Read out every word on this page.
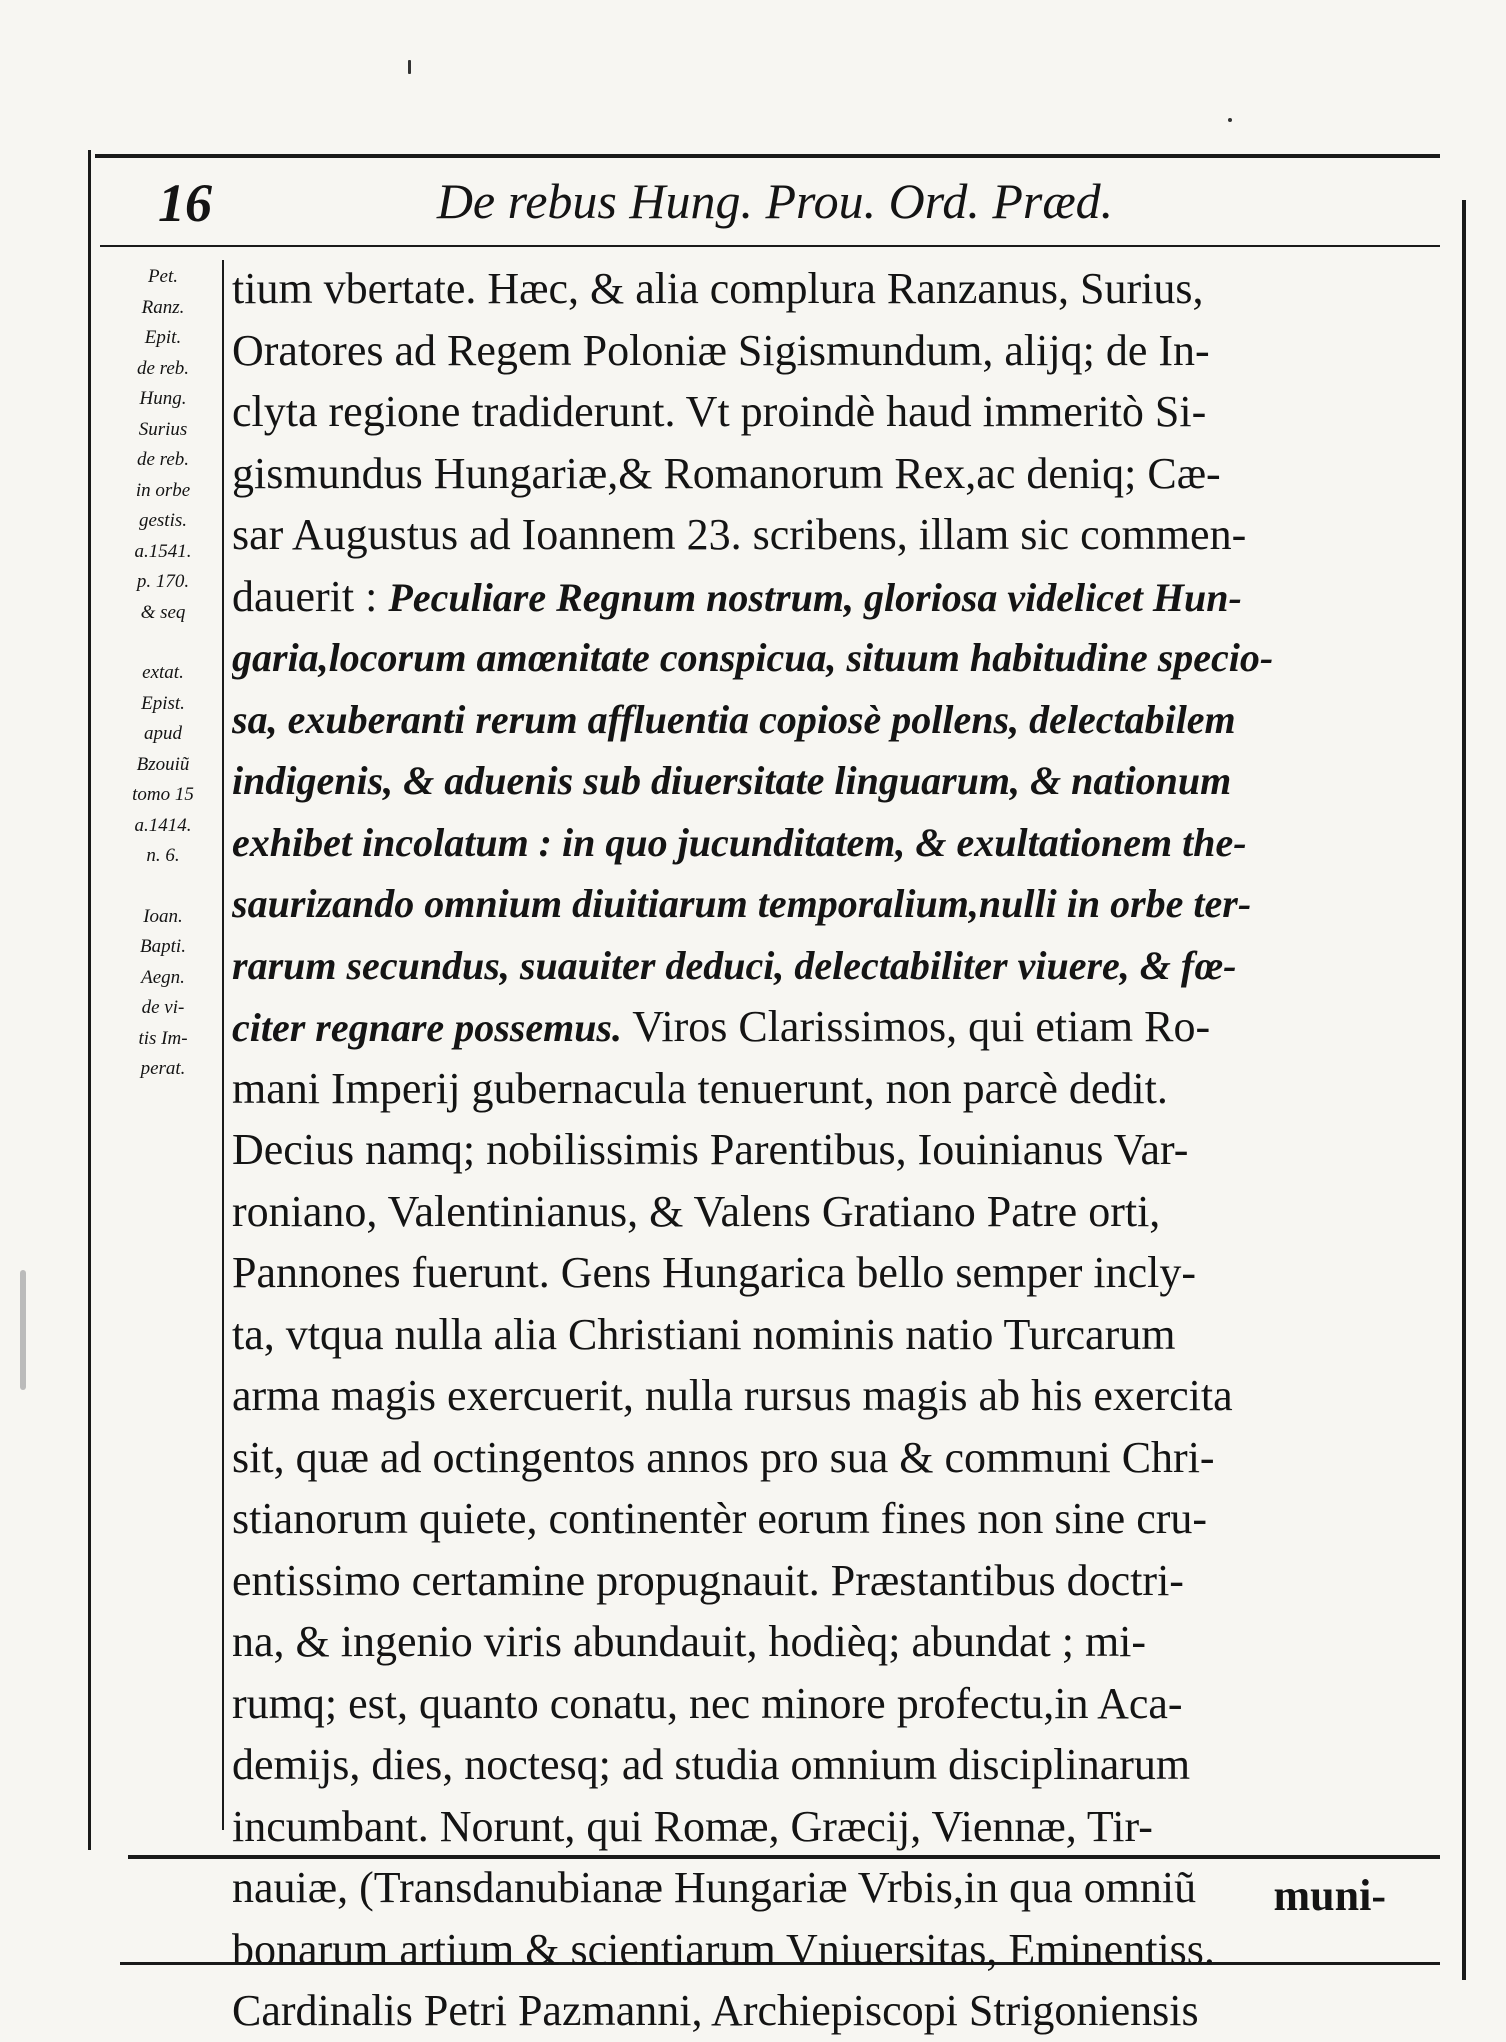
16	De rebus Hung. Prou. Ord. Præd.
Pet.
Ranz.
Epit.
de reb.
Hung.
Surius
de reb.
in orbe
gestis.
a.1541.
p. 170.
& seq
extat.
Epist.
apud
Bzouiũ
tomo 15
a.1414.
n. 6.
Ioan.
Bapti.
Aegn.
de vi-
tis Im-
perat.
tium vbertate. Hæc, & alia complura Ranzanus, Surius,
Oratores ad Regem Poloniæ Sigismundum, alijq; de In-
clyta regione tradiderunt. Vt proindè haud immeritò Si-
gismundus Hungariæ,& Romanorum Rex,ac deniq; Cæ-
sar Augustus ad Ioannem 23. scribens, illam sic commen-
dauerit : Peculiare Regnum nostrum, gloriosa videlicet Hun-
garia,locorum amœnitate conspicua, situum habitudine specio-
sa, exuberanti rerum affluentia copiosè pollens, delectabilem
indigenis, & aduenis sub diuersitate linguarum, & nationum
exhibet incolatum : in quo jucunditatem, & exultationem the-
saurizando omnium diuitiarum temporalium,nulli in orbe ter-
rarum secundus, suauiter deduci, delectabiliter viuere, & fœ-
citer regnare possemus. Viros Clarissimos, qui etiam Ro-
mani Imperij gubernacula tenuerunt, non parcè dedit.
Decius namq; nobilissimis Parentibus, Iouinianus Var-
roniano, Valentinianus, & Valens Gratiano Patre orti,
Pannones fuerunt. Gens Hungarica bello semper incly-
ta, vtqua nulla alia Christiani nominis natio Turcarum
arma magis exercuerit, nulla rursus magis ab his exercita
sit, quæ ad octingentos annos pro sua & communi Chri-
stianorum quiete, continentèr eorum fines non sine cru-
entissimo certamine propugnauit. Præstantibus doctri-
na, & ingenio viris abundauit, hodièq; abundat ; mi-
rumq; est, quanto conatu, nec minore profectu,in Aca-
demijs, dies, noctesq; ad studia omnium disciplinarum
incumbant. Norunt, qui Romæ, Græcij, Viennæ, Tir-
nauiæ, (Transdanubianæ Hungariæ Vrbis,in qua omniũ
bonarum artium & scientiarum Vniuersitas, Eminentiss.
Cardinalis Petri Pazmanni, Archiepiscopi Strigoniensis
muni-
